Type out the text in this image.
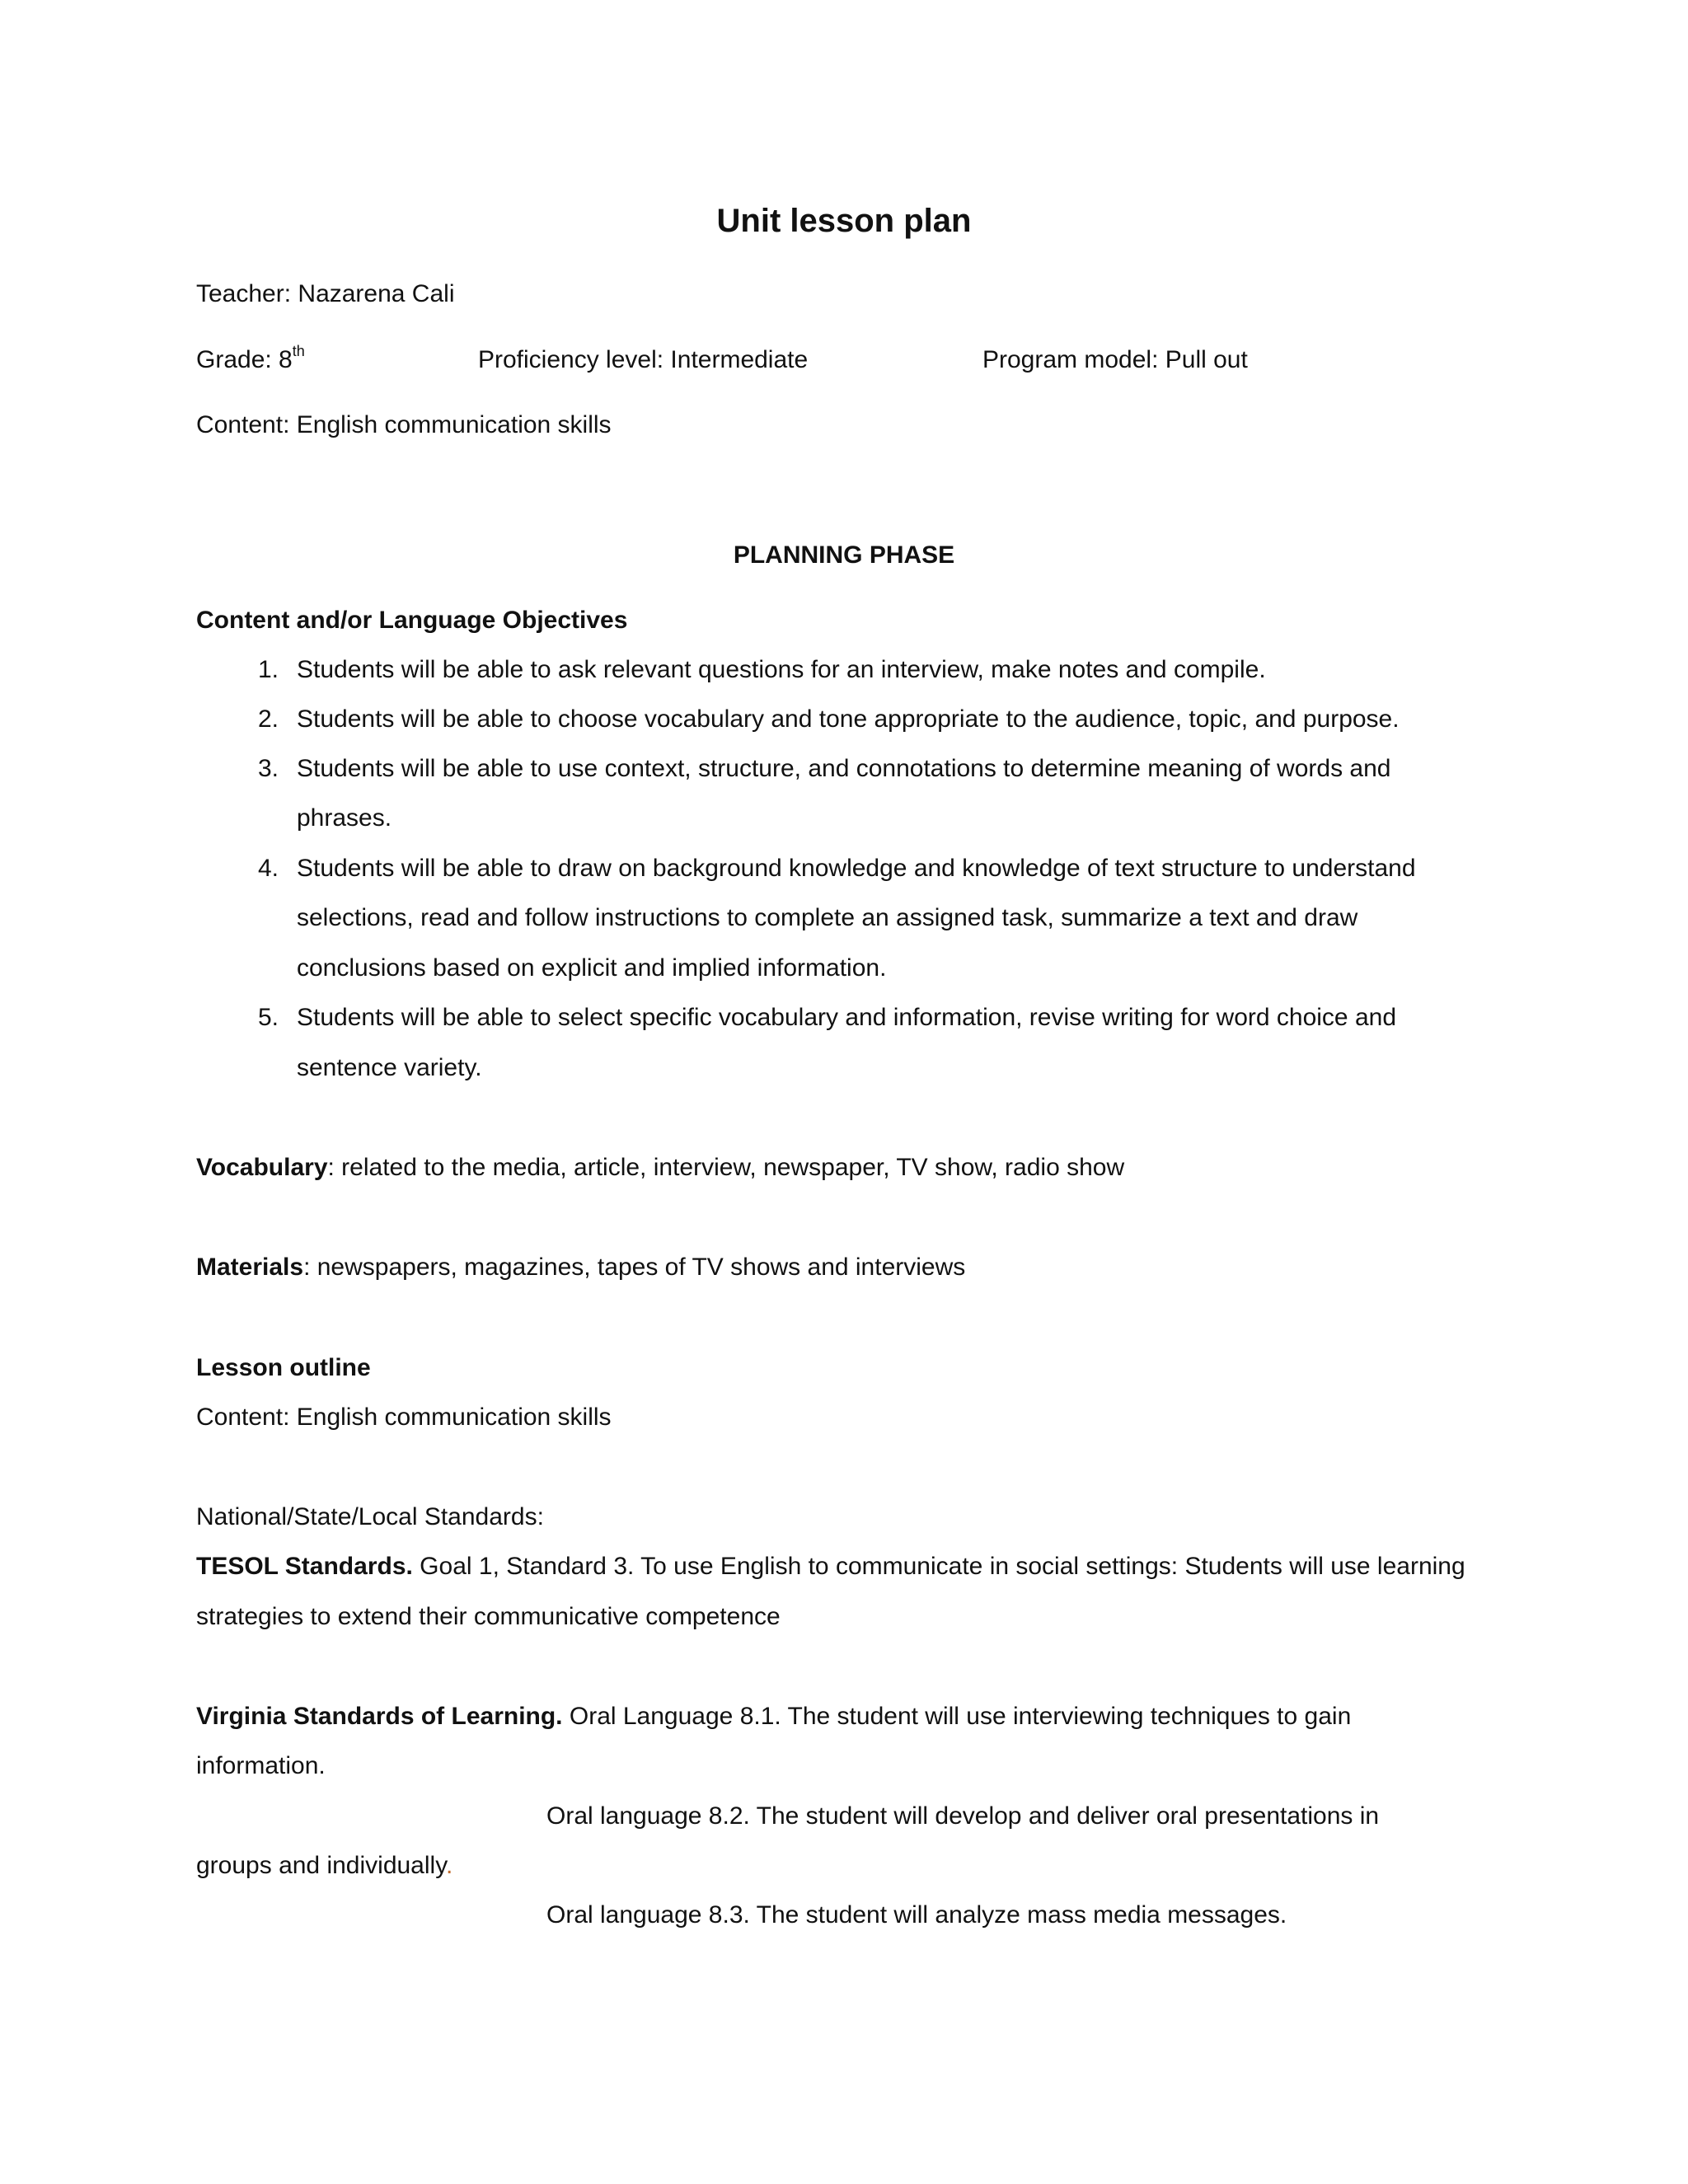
Unit lesson plan
Teacher: Nazarena Cali
Grade: 8th	Proficiency level: Intermediate	Program model: Pull out
Content: English communication skills
PLANNING PHASE
Content and/or Language Objectives
1. Students will be able to ask relevant questions for an interview, make notes and compile.
2. Students will be able to choose vocabulary and tone appropriate to the audience, topic, and purpose.
3. Students will be able to use context, structure, and connotations to determine meaning of words and
phrases.
4. Students will be able to draw on background knowledge and knowledge of text structure to understand
selections, read and follow instructions to complete an assigned task, summarize a text and draw
conclusions based on explicit and implied information.
5. Students will be able to select specific vocabulary and information, revise writing for word choice and
sentence variety.
Vocabulary: related to the media, article, interview, newspaper, TV show, radio show
Materials: newspapers, magazines, tapes of TV shows and interviews
Lesson outline
Content: English communication skills
National/State/Local Standards:
TESOL Standards. Goal 1, Standard 3. To use English to communicate in social settings: Students will use learning
strategies to extend their communicative competence
Virginia Standards of Learning. Oral Language 8.1. The student will use interviewing techniques to gain
information.
Oral language 8.2. The student will develop and deliver oral presentations in
groups and individually.
Oral language 8.3. The student will analyze mass media messages.
